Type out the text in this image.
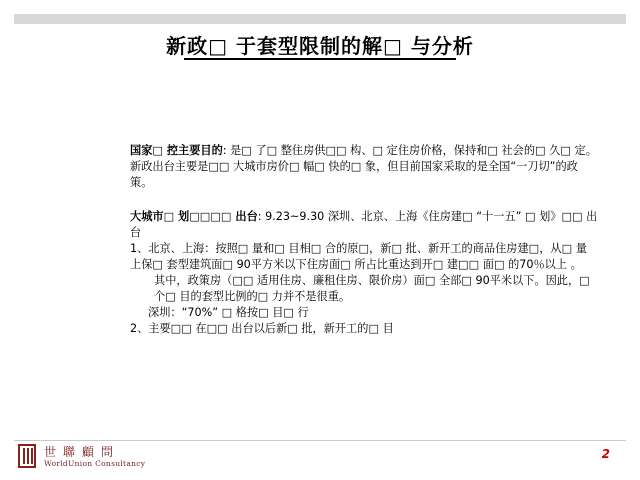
新政□ 于套型限制的解□ 与分析

国家□ 控主要目的: 是□ 了□ 整住房供□□ 构、□ 定住房价格，保持和□ 社会的□ 久□ 定。新政出台主要是□□ 大城市房价□ 幅□ 快的□ 象，但目前国家采取的是全国“一刀切”的政策。

大城市□ 划□□□□ 出台: 9.23~9.30 深圳、北京、上海《住房建□ “十一五” □ 划》□□ 出台

1、北京、上海：按照□ 量和□ 目相□ 合的原□，新□ 批、新开工的商品住房建□，从□ 量上保□ 套型建筑面□ 90平方米以下住房面□ 所占比重达到开□ 建□□ 面□ 的70％以上 。

其中，政策房（□□ 适用住房、廉租住房、限价房）面□ 全部□ 90平米以下。因此，□ 个□ 目的套型比例的□ 力并不是很重。

深圳：“70%” □ 格按□ 目□ 行

2、主要□□ 在□□ 出台以后新□ 批，新开工的□ 目

世聯顧問
WorldUnion Consultancy
2
